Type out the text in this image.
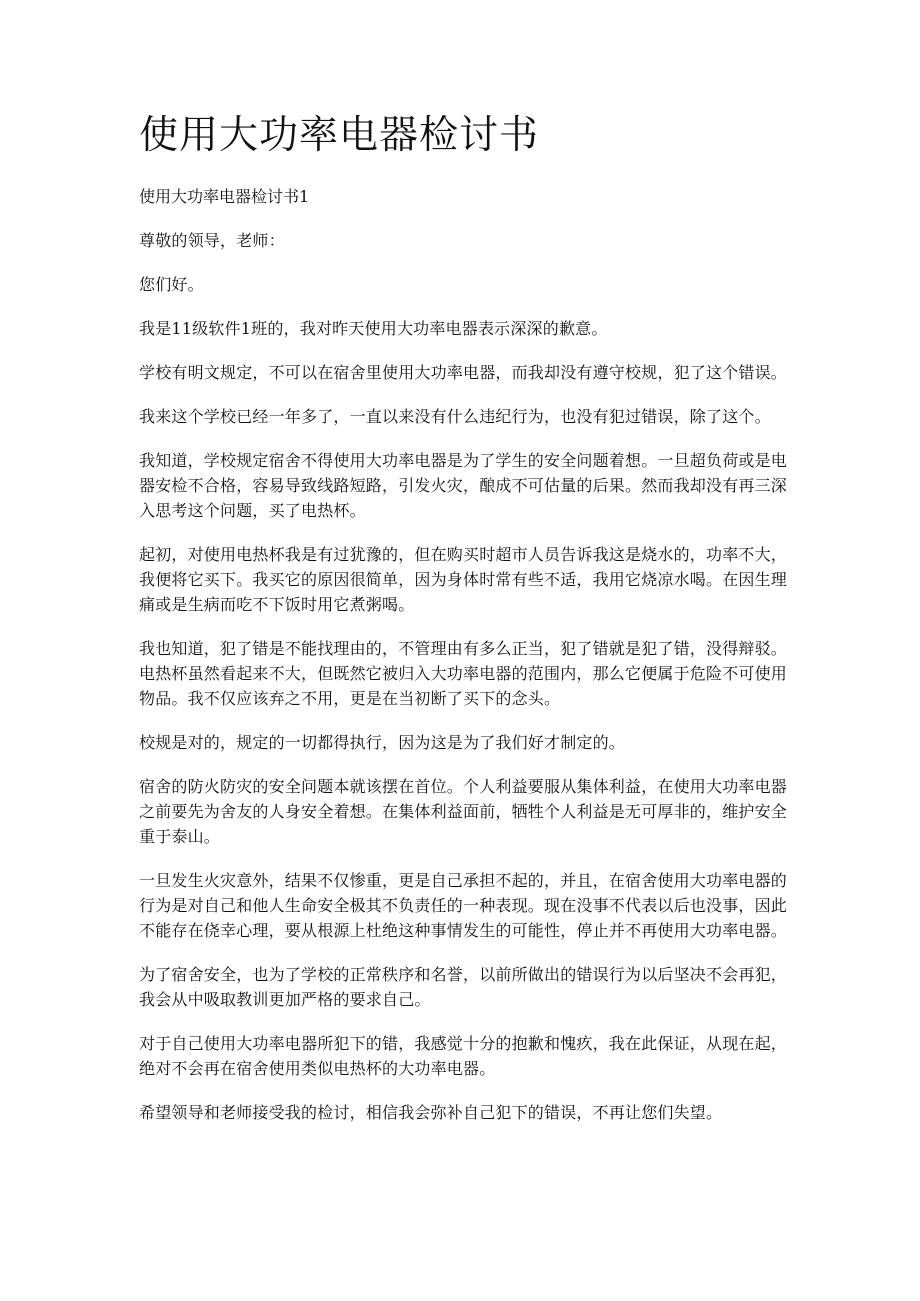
使用大功率电器检讨书

使用大功率电器检讨书1

尊敬的领导，老师：

您们好。

我是11级软件1班的，我对昨天使用大功率电器表示深深的歉意。

学校有明文规定，不可以在宿舍里使用大功率电器，而我却没有遵守校规，犯了这个错误。

我来这个学校已经一年多了，一直以来没有什么违纪行为，也没有犯过错误，除了这个。

我知道，学校规定宿舍不得使用大功率电器是为了学生的安全问题着想。一旦超负荷或是电器安检不合格，容易导致线路短路，引发火灾，酿成不可估量的后果。然而我却没有再三深入思考这个问题，买了电热杯。

起初，对使用电热杯我是有过犹豫的，但在购买时超市人员告诉我这是烧水的，功率不大，我便将它买下。我买它的原因很简单，因为身体时常有些不适，我用它烧凉水喝。在因生理痛或是生病而吃不下饭时用它煮粥喝。

我也知道，犯了错是不能找理由的，不管理由有多么正当，犯了错就是犯了错，没得辩驳。电热杯虽然看起来不大，但既然它被归入大功率电器的范围内，那么它便属于危险不可使用物品。我不仅应该弃之不用，更是在当初断了买下的念头。

校规是对的，规定的一切都得执行，因为这是为了我们好才制定的。

宿舍的防火防灾的安全问题本就该摆在首位。个人利益要服从集体利益，在使用大功率电器之前要先为舍友的人身安全着想。在集体利益面前，牺牲个人利益是无可厚非的，维护安全重于泰山。

一旦发生火灾意外，结果不仅惨重，更是自己承担不起的，并且，在宿舍使用大功率电器的行为是对自己和他人生命安全极其不负责任的一种表现。现在没事不代表以后也没事，因此不能存在侥幸心理，要从根源上杜绝这种事情发生的可能性，停止并不再使用大功率电器。

为了宿舍安全，也为了学校的正常秩序和名誉，以前所做出的错误行为以后坚决不会再犯，我会从中吸取教训更加严格的要求自己。

对于自己使用大功率电器所犯下的错，我感觉十分的抱歉和愧疚，我在此保证，从现在起，绝对不会再在宿舍使用类似电热杯的大功率电器。

希望领导和老师接受我的检讨，相信我会弥补自己犯下的错误，不再让您们失望。
